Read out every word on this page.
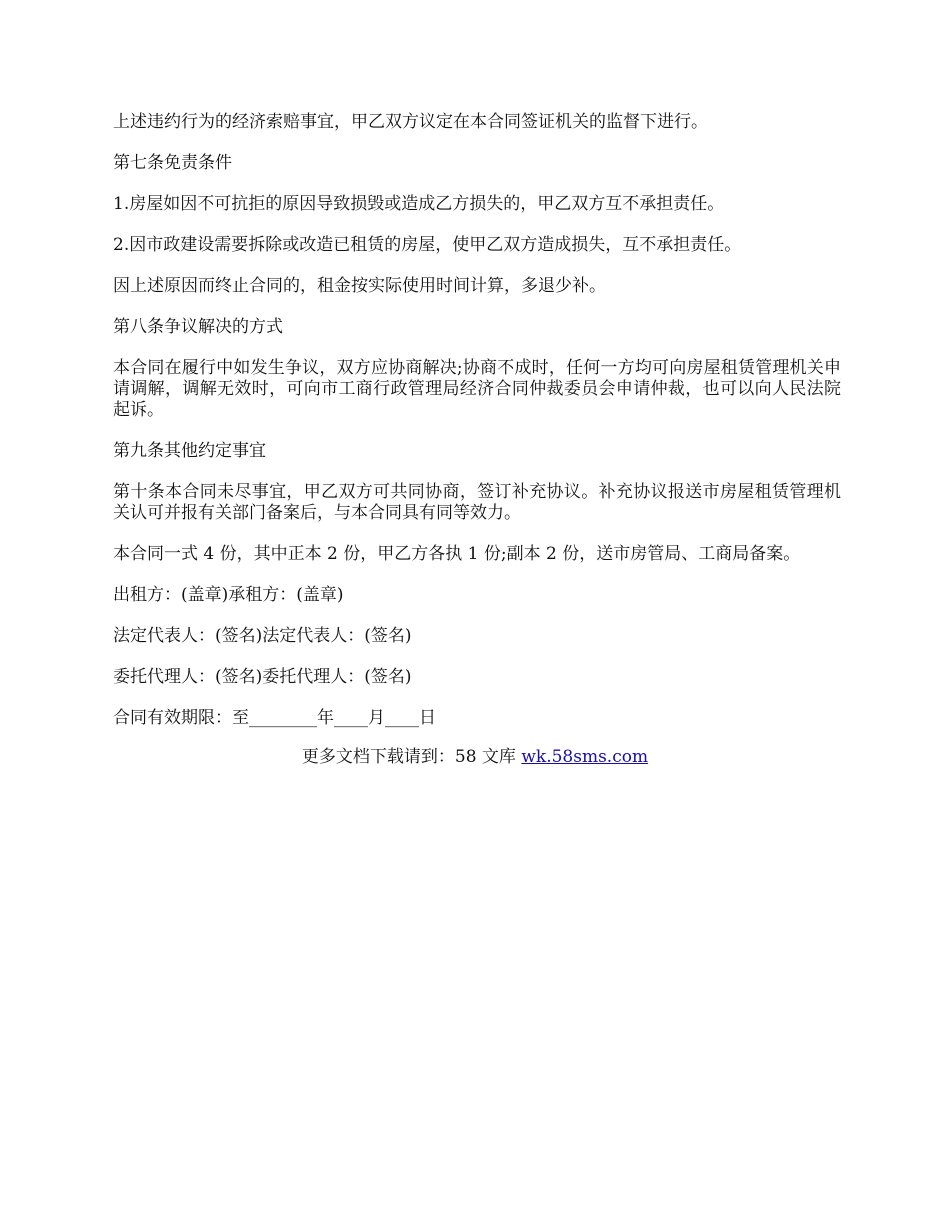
上述违约行为的经济索赔事宜，甲乙双方议定在本合同签证机关的监督下进行。

第七条免责条件

1.房屋如因不可抗拒的原因导致损毁或造成乙方损失的，甲乙双方互不承担责任。

2.因市政建设需要拆除或改造已租赁的房屋，使甲乙双方造成损失，互不承担责任。

因上述原因而终止合同的，租金按实际使用时间计算，多退少补。

第八条争议解决的方式

本合同在履行中如发生争议，双方应协商解决;协商不成时，任何一方均可向房屋租赁管理机关申请调解，调解无效时，可向市工商行政管理局经济合同仲裁委员会申请仲裁，也可以向人民法院起诉。

第九条其他约定事宜

第十条本合同未尽事宜，甲乙双方可共同协商，签订补充协议。补充协议报送市房屋租赁管理机关认可并报有关部门备案后，与本合同具有同等效力。

本合同一式 4 份，其中正本 2 份，甲乙方各执 1 份;副本 2 份，送市房管局、工商局备案。

出租方：(盖章)承租方：(盖章)

法定代表人：(签名)法定代表人：(签名)

委托代理人：(签名)委托代理人：(签名)

合同有效期限：至________年____月____日

更多文档下载请到：58 文库 wk.58sms.com
